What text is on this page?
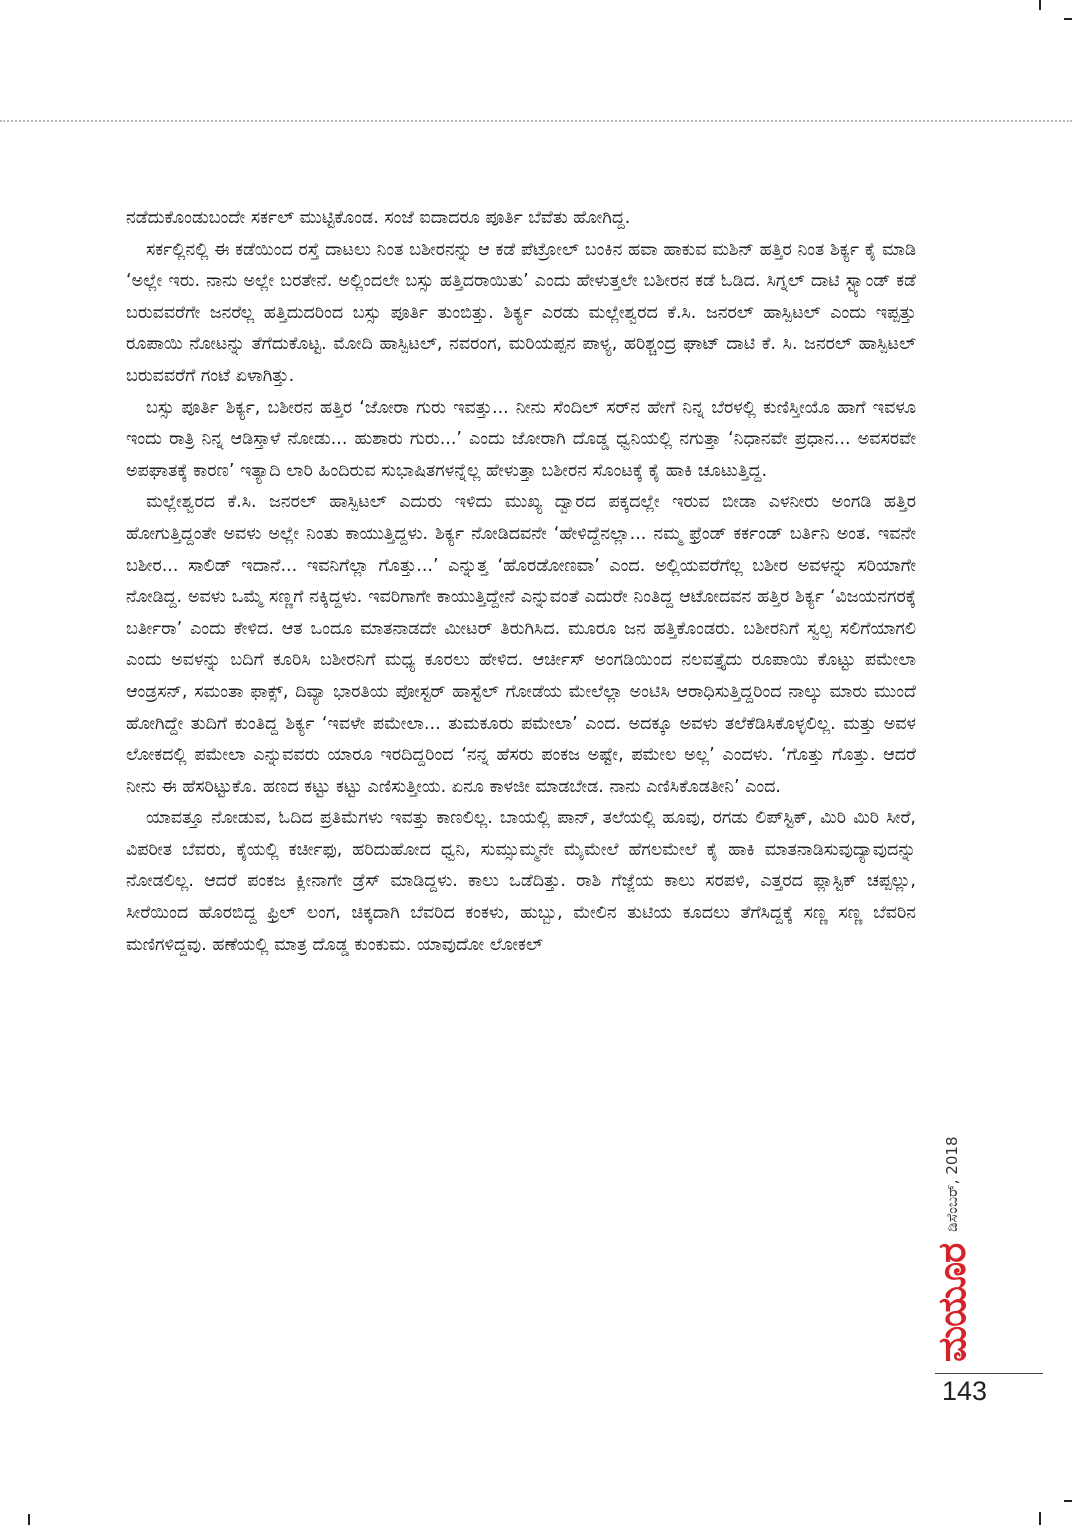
ನಡೆದುಕೊಂಡುಬಂದೇ ಸರ್ಕಲ್ ಮುಟ್ಟಿಕೊಂಡ. ಸಂಜೆ ಐದಾದರೂ ಪೂರ್ತಿ ಬೆವೆತು ಹೋಗಿದ್ದ.

ಸರ್ಕಲ್ಲಿನಲ್ಲಿ ಈ ಕಡೆಯಿಂದ ರಸ್ತೆ ದಾಟಲು ನಿಂತ ಬಶೀರನನ್ನು ಆ ಕಡೆ ಪೆಟ್ರೋಲ್ ಬಂಕಿನ ಹವಾ ಹಾಕುವ ಮಶಿನ್ ಹತ್ತಿರ ನಿಂತ ಶಿರ್ಕ್ಯ ಕೈ ಮಾಡಿ ‘ಅಲ್ಲೇ ಇರು. ನಾನು ಅಲ್ಲೇ ಬರತೇನೆ. ಅಲ್ಲಿಂದಲೇ ಬಸ್ಸು ಹತ್ತಿದರಾಯಿತು’ ಎಂದು ಹೇಳುತ್ತಲೇ ಬಶೀರನ ಕಡೆ ಓಡಿದ. ಸಿಗ್ನಲ್ ದಾಟಿ ಸ್ಟ್ಯಾಂಡ್ ಕಡೆ ಬರುವವರೆಗೇ ಜನರೆಲ್ಲ ಹತ್ತಿದುದರಿಂದ ಬಸ್ಸು ಪೂರ್ತಿ ತುಂಬಿತ್ತು. ಶಿರ್ಕ್ಯ ಎರಡು ಮಲ್ಲೇಶ್ವರದ ಕೆ.ಸಿ. ಜನರಲ್ ಹಾಸ್ಪಿಟಲ್ ಎಂದು ಇಪ್ಪತ್ತು ರೂಪಾಯಿ ನೋಟನ್ನು ತೆಗೆದುಕೊಟ್ಟ. ಮೋದಿ ಹಾಸ್ಪಿಟಲ್, ನವರಂಗ, ಮರಿಯಪ್ಪನ ಪಾಳ್ಯ, ಹರಿಶ್ಚಂದ್ರ ಘಾಟ್ ದಾಟಿ ಕೆ. ಸಿ. ಜನರಲ್ ಹಾಸ್ಪಿಟಲ್ ಬರುವವರೆಗೆ ಗಂಟೆ ಏಳಾಗಿತ್ತು.

ಬಸ್ಸು ಪೂರ್ತಿ ಶಿರ್ಕ್ಯ, ಬಶೀರನ ಹತ್ತಿರ ‘ಜೋರಾ ಗುರು ಇವತ್ತು... ನೀನು ಸೆಂದಿಲ್ ಸರ್‌ನ ಹೇಗೆ ನಿನ್ನ ಬೆರಳಲ್ಲಿ ಕುಣಿಸ್ತೀಯೊ ಹಾಗೆ ಇವಳೂ ಇಂದು ರಾತ್ರಿ ನಿನ್ನ ಆಡಿಸ್ತಾಳೆ ನೋಡು... ಹುಶಾರು ಗುರು...’ ಎಂದು ಜೋರಾಗಿ ದೊಡ್ಡ ಧ್ವನಿಯಲ್ಲಿ ನಗುತ್ತಾ ‘ನಿಧಾನವೇ ಪ್ರಧಾನ... ಅವಸರವೇ ಅಪಘಾತಕ್ಕೆ ಕಾರಣ’ ಇತ್ಯಾದಿ ಲಾರಿ ಹಿಂದಿರುವ ಸುಭಾಷಿತಗಳನ್ನೆಲ್ಲ ಹೇಳುತ್ತಾ ಬಶೀರನ ಸೊಂಟಕ್ಕೆ ಕೈ ಹಾಕಿ ಚೂಟುತ್ತಿದ್ದ.

ಮಲ್ಲೇಶ್ವರದ ಕೆ.ಸಿ. ಜನರಲ್ ಹಾಸ್ಪಿಟಲ್ ಎದುರು ಇಳಿದು ಮುಖ್ಯ ದ್ವಾರದ ಪಕ್ಕದಲ್ಲೇ ಇರುವ ಬೀಡಾ ಎಳನೀರು ಅಂಗಡಿ ಹತ್ತಿರ ಹೋಗುತ್ತಿದ್ದಂತೇ ಅವಳು ಅಲ್ಲೇ ನಿಂತು ಕಾಯುತ್ತಿದ್ದಳು. ಶಿರ್ಕ್ಯ ನೋಡಿದವನೇ ‘ಹೇಳಿದ್ದೆನಲ್ಲಾ... ನಮ್ಮ ಫ್ರೆಂಡ್ ಕರ್ಕಂಡ್ ಬರ್ತಿನಿ ಅಂತ. ಇವನೇ ಬಶೀರ... ಸಾಲಿಡ್ ಇದಾನೆ... ಇವನಿಗೆಲ್ಲಾ ಗೊತ್ತು...’ ಎನ್ನುತ್ತ ‘ಹೊರಡೋಣವಾ’ ಎಂದ. ಅಲ್ಲಿಯವರೆಗೆಲ್ಲ ಬಶೀರ ಅವಳನ್ನು ಸರಿಯಾಗೇ ನೋಡಿದ್ದ. ಅವಳು ಒಮ್ಮೆ ಸಣ್ಣಗೆ ನಕ್ಕಿದ್ದಳು. ಇವರಿಗಾಗೇ ಕಾಯುತ್ತಿದ್ದೇನೆ ಎನ್ನುವಂತೆ ಎದುರೇ ನಿಂತಿದ್ದ ಆಟೋದವನ ಹತ್ತಿರ ಶಿರ್ಕ್ಯ ‘ವಿಜಯನಗರಕ್ಕೆ ಬರ್ತೀರಾ’ ಎಂದು ಕೇಳಿದ. ಆತ ಒಂದೂ ಮಾತನಾಡದೇ ಮೀಟರ್ ತಿರುಗಿಸಿದ. ಮೂರೂ ಜನ ಹತ್ತಿಕೊಂಡರು. ಬಶೀರನಿಗೆ ಸ್ವಲ್ಪ ಸಲಿಗೆಯಾಗಲಿ ಎಂದು ಅವಳನ್ನು ಬದಿಗೆ ಕೂರಿಸಿ ಬಶೀರನಿಗೆ ಮಧ್ಯ ಕೂರಲು ಹೇಳಿದ. ಆರ್ಚೀಸ್ ಅಂಗಡಿಯಿಂದ ನಲವತ್ತೈದು ರೂಪಾಯಿ ಕೊಟ್ಟು ಪಮೇಲಾ ಆಂಡ್ರಸನ್, ಸಮಂತಾ ಫಾಕ್ಸ್, ದಿವ್ಯಾ ಭಾರತಿಯ ಪೋಸ್ಟರ್ ಹಾಸ್ಟೆಲ್ ಗೋಡೆಯ ಮೇಲೆಲ್ಲಾ ಅಂಟಿಸಿ ಆರಾಧಿಸುತ್ತಿದ್ದರಿಂದ ನಾಲ್ಕು ಮಾರು ಮುಂದೆ ಹೋಗಿದ್ದೇ ತುದಿಗೆ ಕುಂತಿದ್ದ ಶಿರ್ಕ್ಯ ‘ಇವಳೇ ಪಮೇಲಾ... ತುಮಕೂರು ಪಮೇಲಾ’ ಎಂದ. ಅದಕ್ಕೂ ಅವಳು ತಲೆಕೆಡಿಸಿಕೊಳ್ಳಲಿಲ್ಲ. ಮತ್ತು ಅವಳ ಲೋಕದಲ್ಲಿ ಪಮೇಲಾ ಎನ್ನುವವರು ಯಾರೂ ಇರದಿದ್ದರಿಂದ ‘ನನ್ನ ಹೆಸರು ಪಂಕಜ ಅಷ್ಟೇ, ಪಮೇಲ ಅಲ್ಲ’ ಎಂದಳು. ‘ಗೊತ್ತು ಗೊತ್ತು. ಆದರೆ ನೀನು ಈ ಹೆಸರಿಟ್ಟುಕೊ. ಹಣದ ಕಟ್ಟು ಕಟ್ಟು ಎಣಿಸುತ್ತೀಯ. ಏನೂ ಕಾಳಜೀ ಮಾಡಬೇಡ. ನಾನು ಎಣಿಸಿಕೊಡತೀನಿ’ ಎಂದ.

ಯಾವತ್ತೂ ನೋಡುವ, ಓದಿದ ಪ್ರತಿಮೆಗಳು ಇವತ್ತು ಕಾಣಲಿಲ್ಲ. ಬಾಯಲ್ಲಿ ಪಾನ್, ತಲೆಯಲ್ಲಿ ಹೂವು, ರಗಡು ಲಿಪ್‌ಸ್ಟಿಕ್, ಮಿರಿ ಮಿರಿ ಸೀರೆ, ವಿಪರೀತ ಬೆವರು, ಕೈಯಲ್ಲಿ ಕರ್ಚೀಫು, ಹರಿದುಹೋದ ಧ್ವನಿ, ಸುಮ್ಸುಮ್ಮನೇ ಮೈಮೇಲೆ ಹೆಗಲಮೇಲೆ ಕೈ ಹಾಕಿ ಮಾತನಾಡಿಸುವುದ್ಯಾವುದನ್ನು ನೋಡಲಿಲ್ಲ. ಆದರೆ ಪಂಕಜ ಕ್ಲೀನಾಗೇ ಡ್ರೆಸ್ ಮಾಡಿದ್ದಳು. ಕಾಲು ಒಡೆದಿತ್ತು. ರಾಶಿ ಗೆಜ್ಜೆಯ ಕಾಲು ಸರಪಳಿ, ಎತ್ತರದ ಪ್ಲಾಸ್ಟಿಕ್ ಚಪ್ಪಲ್ಲು, ಸೀರೆಯಿಂದ ಹೊರಬಿದ್ದ ಫ್ರಿಲ್ ಲಂಗ, ಚಿಕ್ಕದಾಗಿ ಬೆವರಿದ ಕಂಕಳು, ಹುಬ್ಬು, ಮೇಲಿನ ತುಟಿಯ ಕೂದಲು ತೆಗೆಸಿದ್ದಕ್ಕೆ ಸಣ್ಣ ಸಣ್ಣ ಬೆವರಿನ ಮಣಿಗಳಿದ್ದವು. ಹಣೆಯಲ್ಲಿ ಮಾತ್ರ ದೊಡ್ಡ ಕುಂಕುಮ. ಯಾವುದೋ ಲೋಕಲ್

ಮಯೂರ
ಡಿಸೆಂಬರ್, 2018
143
